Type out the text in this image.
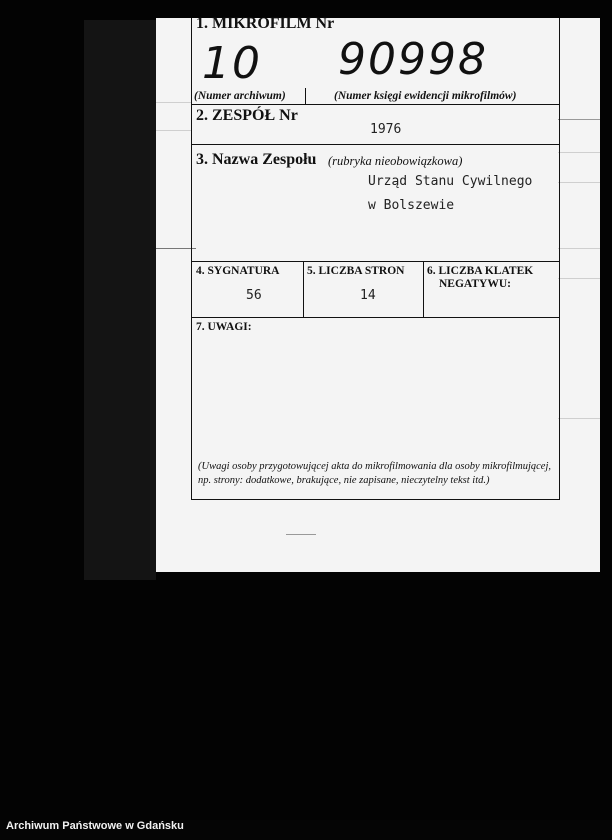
1. MIKROFILM Nr
10 90998
(Numer archiwum)	(Numer księgi ewidencji mikrofilmów)
2. ZESPÓŁ Nr
1976
3. Nazwa Zespołu (rubryka nieobowiązkowa)
Urząd Stanu Cywilnego
w Bolszewie
4. SYGNATURA
56
5. LICZBA STRON
14
6. LICZBA KLATEK
NEGATYWU:
7. UWAGI:
(Uwagi osoby przygotowującej akta do mikrofilmowania dla osoby mikrofilmującej,
np. strony: dodatkowe, brakujące, nie zapisane, nieczytelny tekst itd.)
Archiwum Państwowe w Gdańsku
